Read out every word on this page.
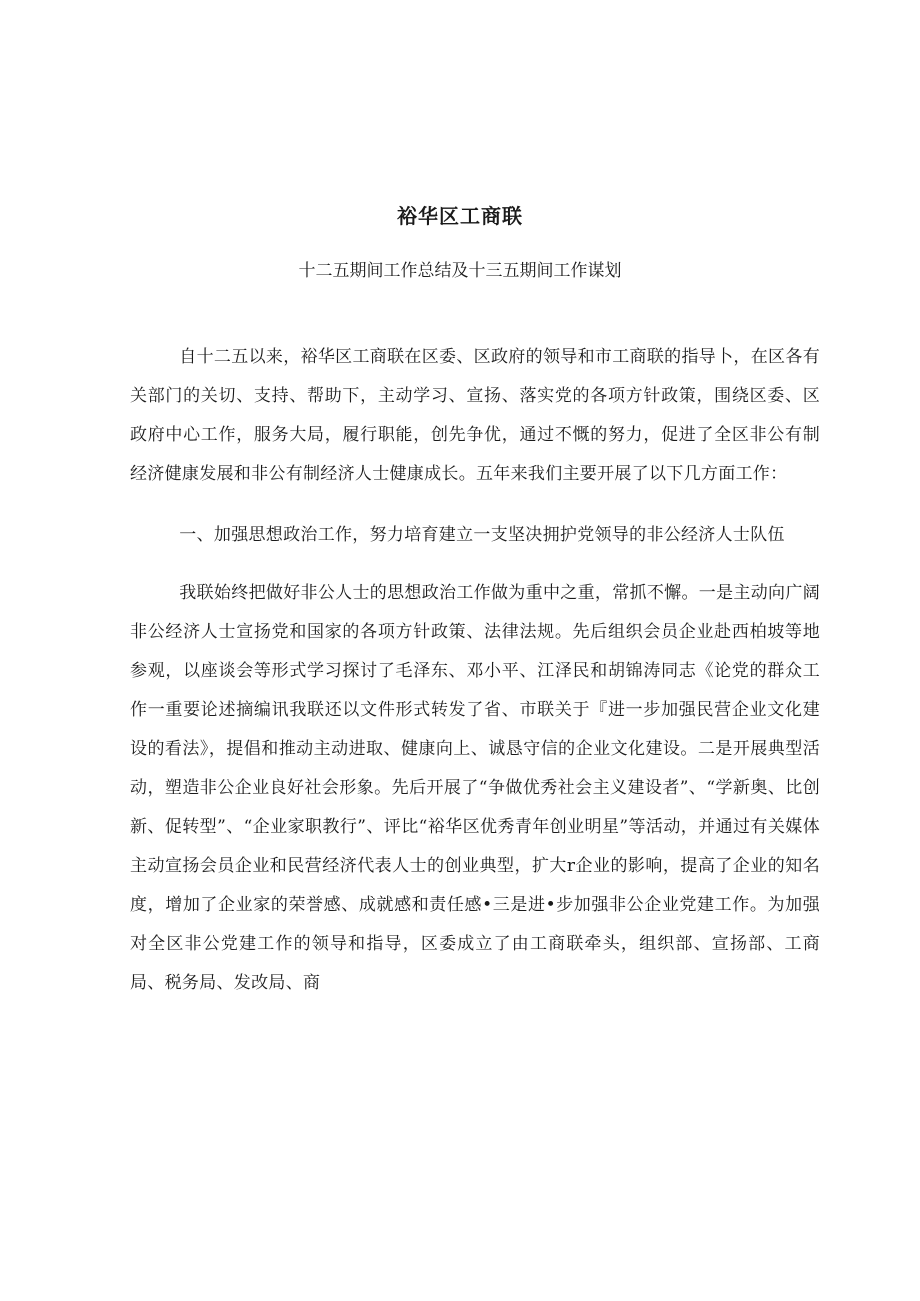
裕华区工商联

十二五期间工作总结及十三五期间工作谋划

自十二五以来，裕华区工商联在区委、区政府的领导和市工商联的指导卜，在区各有关部门的关切、支持、帮助下，主动学习、宣扬、落实党的各项方针政策，围绕区委、区政府中心工作，服务大局，履行职能，创先争优，通过不慨的努力，促进了全区非公有制经济健康发展和非公有制经济人士健康成长。五年来我们主要开展了以下几方面工作：

一、加强思想政治工作，努力培育建立一支坚决拥护党领导的非公经济人士队伍

我联始终把做好非公人士的思想政治工作做为重中之重，常抓不懈。一是主动向广阔非公经济人士宣扬党和国家的各项方针政策、法律法规。先后组织会员企业赴西柏坡等地参观，以座谈会等形式学习探讨了毛泽东、邓小平、江泽民和胡锦涛同志《论党的群众工作一重要论述摘编讯我联还以文件形式转发了省、市联关于『进一步加强民营企业文化建设的看法》，提倡和推动主动进取、健康向上、诚恳守信的企业文化建设。二是开展典型活动，塑造非公企业良好社会形象。先后开展了“争做优秀社会主义建设者”、“学新奥、比创新、促转型”、“企业家职教行”、评比“裕华区优秀青年创业明星”等活动，并通过有关媒体主动宣扬会员企业和民营经济代表人士的创业典型，扩大r企业的影响，提高了企业的知名度，增加了企业家的荣誉感、成就感和责任感•三是进•步加强非公企业党建工作。为加强对全区非公党建工作的领导和指导，区委成立了由工商联牵头，组织部、宣扬部、工商局、税务局、发改局、商
